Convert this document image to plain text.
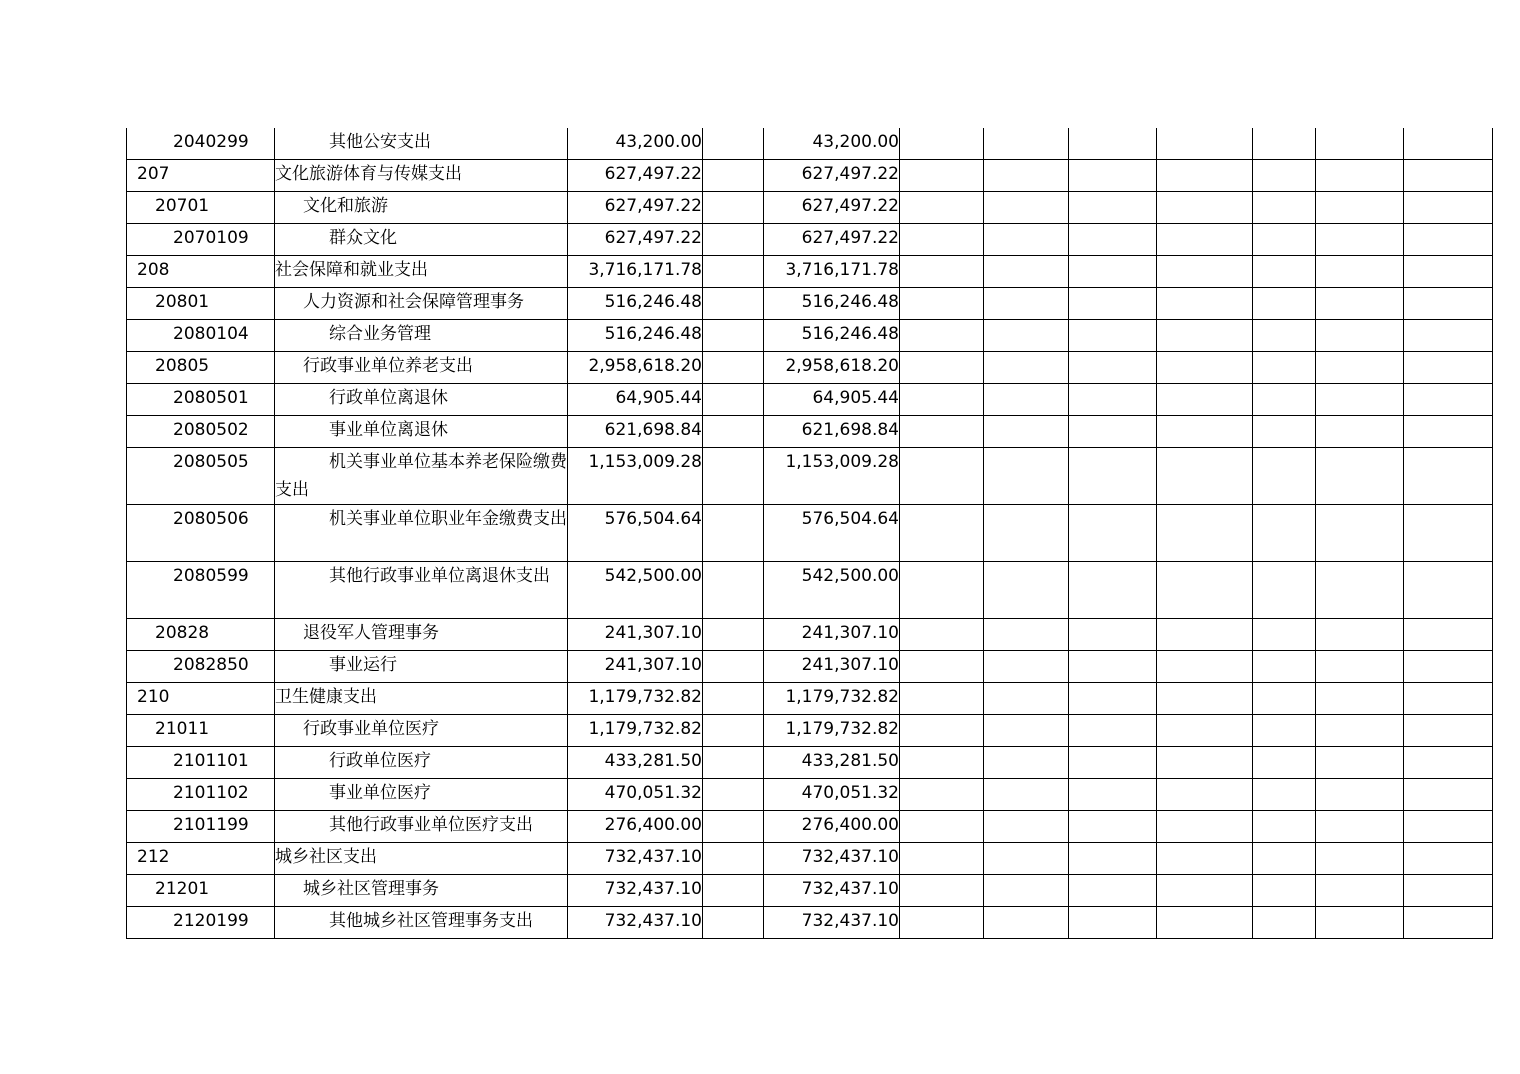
2040299	其他公安支出	43,200.00		43,200.00							
207	文化旅游体育与传媒支出	627,497.22		627,497.22							
20701	文化和旅游	627,497.22		627,497.22							
2070109	群众文化	627,497.22		627,497.22							
208	社会保障和就业支出	3,716,171.78		3,716,171.78							
20801	人力资源和社会保障管理事务	516,246.48		516,246.48							
2080104	综合业务管理	516,246.48		516,246.48							
20805	行政事业单位养老支出	2,958,618.20		2,958,618.20							
2080501	行政单位离退休	64,905.44		64,905.44							
2080502	事业单位离退休	621,698.84		621,698.84							
2080505	机关事业单位基本养老保险缴费支出	1,153,009.28		1,153,009.28							
2080506	机关事业单位职业年金缴费支出	576,504.64		576,504.64							
2080599	其他行政事业单位离退休支出	542,500.00		542,500.00							
20828	退役军人管理事务	241,307.10		241,307.10							
2082850	事业运行	241,307.10		241,307.10							
210	卫生健康支出	1,179,732.82		1,179,732.82							
21011	行政事业单位医疗	1,179,732.82		1,179,732.82							
2101101	行政单位医疗	433,281.50		433,281.50							
2101102	事业单位医疗	470,051.32		470,051.32							
2101199	其他行政事业单位医疗支出	276,400.00		276,400.00							
212	城乡社区支出	732,437.10		732,437.10							
21201	城乡社区管理事务	732,437.10		732,437.10							
2120199	其他城乡社区管理事务支出	732,437.10		732,437.10							
